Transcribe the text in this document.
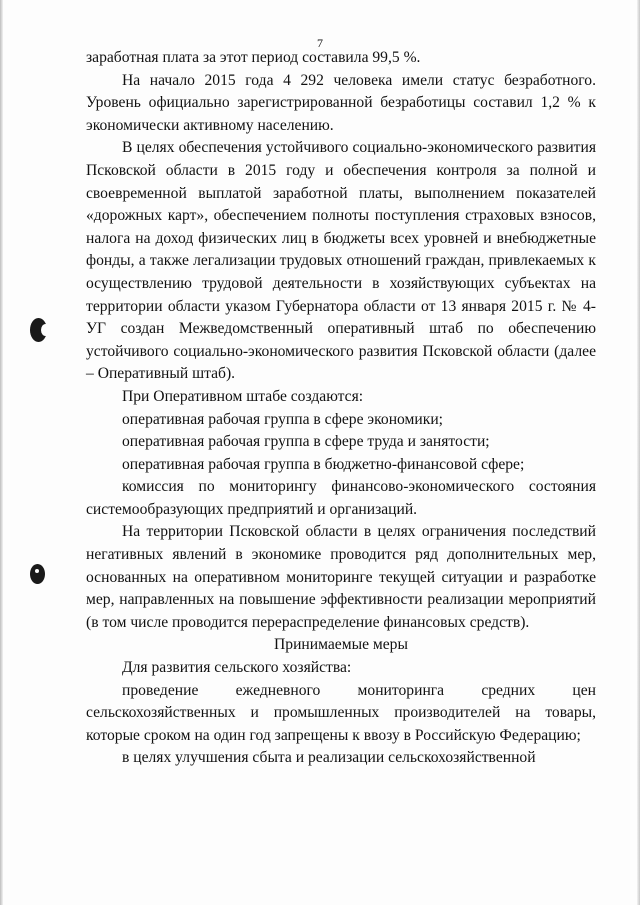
7

заработная плата за этот период составила 99,5 %.

На начало 2015 года 4 292 человека имели статус безработного. Уровень официально зарегистрированной безработицы составил 1,2 % к экономически активному населению.

В целях обеспечения устойчивого социально-экономического развития Псковской области в 2015 году и обеспечения контроля за полной и своевременной выплатой заработной платы, выполнением показателей «дорожных карт», обеспечением полноты поступления страховых взносов, налога на доход физических лиц в бюджеты всех уровней и внебюджетные фонды, а также легализации трудовых отношений граждан, привлекаемых к осуществлению трудовой деятельности в хозяйствующих субъектах на территории области указом Губернатора области от 13 января 2015 г. № 4-УГ создан Межведомственный оперативный штаб по обеспечению устойчивого социально-экономического развития Псковской области (далее – Оперативный штаб).

При Оперативном штабе создаются:

оперативная рабочая группа в сфере экономики;

оперативная рабочая группа в сфере труда и занятости;

оперативная рабочая группа в бюджетно-финансовой сфере;

комиссия по мониторингу финансово-экономического состояния системообразующих предприятий и организаций.

На территории Псковской области в целях ограничения последствий негативных явлений в экономике проводится ряд дополнительных мер, основанных на оперативном мониторинге текущей ситуации и разработке мер, направленных на повышение эффективности реализации мероприятий (в том числе проводится перераспределение финансовых средств).

Принимаемые меры

Для развития сельского хозяйства:

проведение ежедневного мониторинга средних цен сельскохозяйственных и промышленных производителей на товары, которые сроком на один год запрещены к ввозу в Российскую Федерацию;

в целях улучшения сбыта и реализации сельскохозяйственной
